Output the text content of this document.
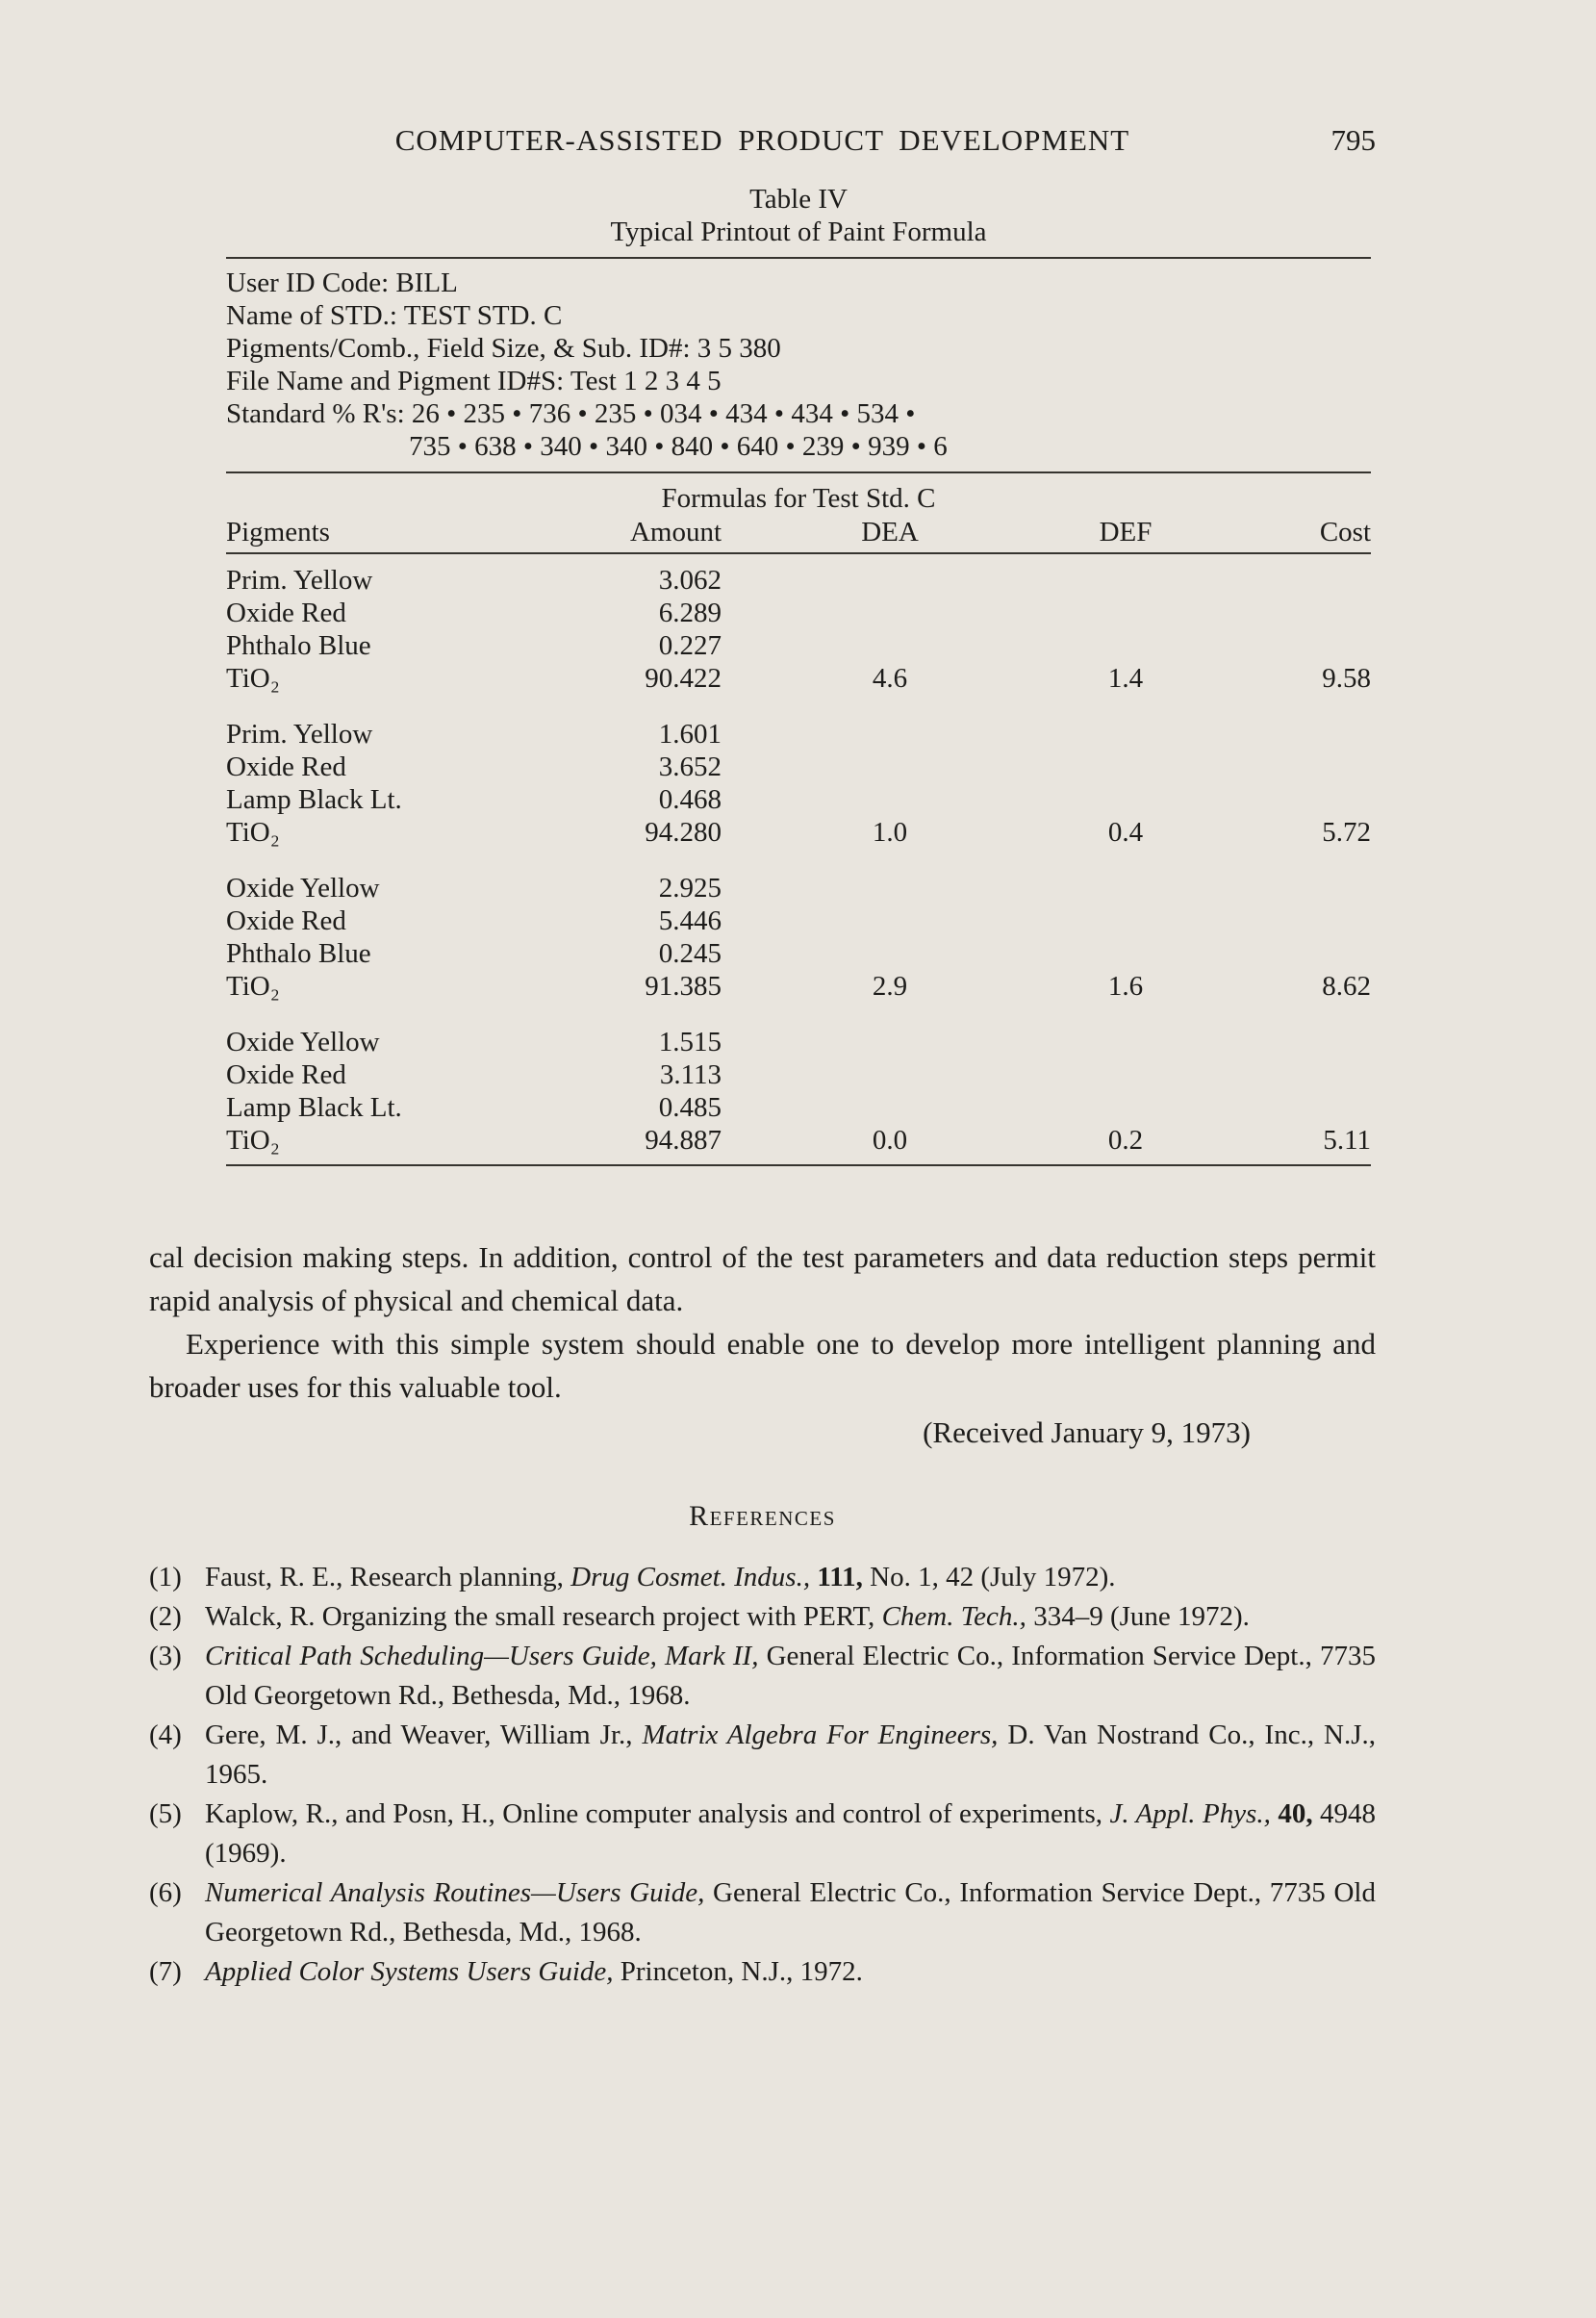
COMPUTER-ASSISTED PRODUCT DEVELOPMENT	795
Table IV
Typical Printout of Paint Formula
User ID Code: BILL
Name of STD.: TEST STD. C
Pigments/Comb., Field Size, & Sub. ID#: 3 5 380
File Name and Pigment ID#S: Test 1 2 3 4 5
Standard % R's: 26 • 235 • 736 • 235 • 034 • 434 • 434 • 534 •
735 • 638 • 340 • 340 • 840 • 640 • 239 • 939 • 6
Formulas for Test Std. C
Pigments	Amount	DEA	DEF	Cost
Prim. Yellow	3.062
Oxide Red	6.289
Phthalo Blue	0.227
TiO₂	90.422	4.6	1.4	9.58
Prim. Yellow	1.601
Oxide Red	3.652
Lamp Black Lt.	0.468
TiO₂	94.280	1.0	0.4	5.72
Oxide Yellow	2.925
Oxide Red	5.446
Phthalo Blue	0.245
TiO₂	91.385	2.9	1.6	8.62
Oxide Yellow	1.515
Oxide Red	3.113
Lamp Black Lt.	0.485
TiO₂	94.887	0.0	0.2	5.11

cal decision making steps. In addition, control of the test parameters and data reduction steps permit rapid analysis of physical and chemical data.

Experience with this simple system should enable one to develop more intelligent planning and broader uses for this valuable tool.

(Received January 9, 1973)
References

(1) Faust, R. E., Research planning, Drug Cosmet. Indus., 111, No. 1, 42 (July 1972).

(2) Walck, R. Organizing the small research project with PERT, Chem. Tech., 334–9 (June 1972).

(3) Critical Path Scheduling—Users Guide, Mark II, General Electric Co., Information Service Dept., 7735 Old Georgetown Rd., Bethesda, Md., 1968.

(4) Gere, M. J., and Weaver, William Jr., Matrix Algebra For Engineers, D. Van Nostrand Co., Inc., N.J., 1965.

(5) Kaplow, R., and Posn, H., Online computer analysis and control of experiments, J. Appl. Phys., 40, 4948 (1969).

(6) Numerical Analysis Routines—Users Guide, General Electric Co., Information Service Dept., 7735 Old Georgetown Rd., Bethesda, Md., 1968.

(7) Applied Color Systems Users Guide, Princeton, N.J., 1972.
